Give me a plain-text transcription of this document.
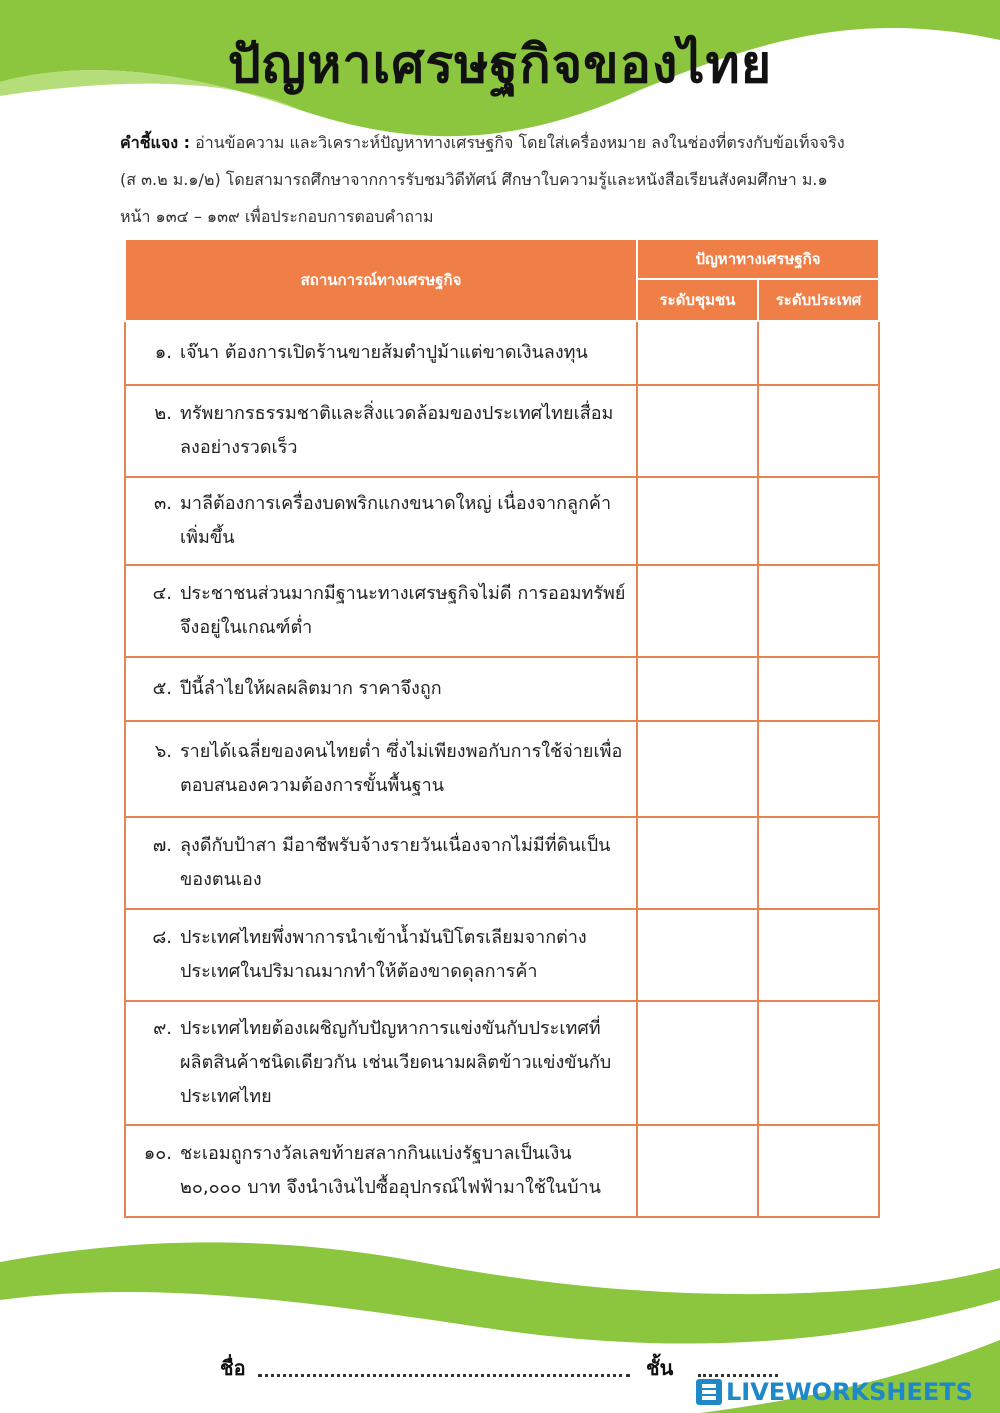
ปัญหาเศรษฐกิจของไทย
คำชี้แจง : อ่านข้อความ และวิเคราะห์ปัญหาทางเศรษฐกิจ โดยใส่เครื่องหมาย ลงในช่องที่ตรงกับข้อเท็จจริง
(ส ๓.๒ ม.๑/๒) โดยสามารถศึกษาจากการรับชมวิดีทัศน์ ศึกษาใบความรู้และหนังสือเรียนสังคมศึกษา ม.๑
หน้า ๑๓๔ – ๑๓๙ เพื่อประกอบการตอบคำถาม
สถานการณ์ทางเศรษฐกิจ	ปัญหาทางเศรษฐกิจ	
	ระดับชุมชน	ระดับประเทศ

๑. เจ๊นา ต้องการเปิดร้านขายส้มตำปูม้าแต่ขาดเงินลงทุน		

๒. ทรัพยากรธรรมชาติและสิ่งแวดล้อมของประเทศไทยเสื่อมลงอย่างรวดเร็ว		

๓. มาลีต้องการเครื่องบดพริกแกงขนาดใหญ่ เนื่องจากลูกค้าเพิ่มขึ้น		

๔. ประชาชนส่วนมากมีฐานะทางเศรษฐกิจไม่ดี การออมทรัพย์จึงอยู่ในเกณฑ์ต่ำ		

๕. ปีนี้ลำไยให้ผลผลิตมาก ราคาจึงถูก		

๖. รายได้เฉลี่ยของคนไทยต่ำ ซึ่งไม่เพียงพอกับการใช้จ่ายเพื่อตอบสนองความต้องการขั้นพื้นฐาน		

๗. ลุงดีกับป้าสา มีอาชีพรับจ้างรายวันเนื่องจากไม่มีที่ดินเป็นของตนเอง		

๘. ประเทศไทยพึ่งพาการนำเข้าน้ำมันปิโตรเลียมจากต่างประเทศในปริมาณมากทำให้ต้องขาดดุลการค้า		

๙. ประเทศไทยต้องเผชิญกับปัญหาการแข่งขันกับประเทศที่ผลิตสินค้าชนิดเดียวกัน เช่นเวียดนามผลิตข้าวแข่งขันกับประเทศไทย		

๑๐. ชะเอมถูกรางวัลเลขท้ายสลากกินแบ่งรัฐบาลเป็นเงิน ๒๐,๐๐๐ บาท จึงนำเงินไปซื้ออุปกรณ์ไฟฟ้ามาใช้ในบ้าน		

ชื่อ	ชั้น
LIVEWORKSHEETS
